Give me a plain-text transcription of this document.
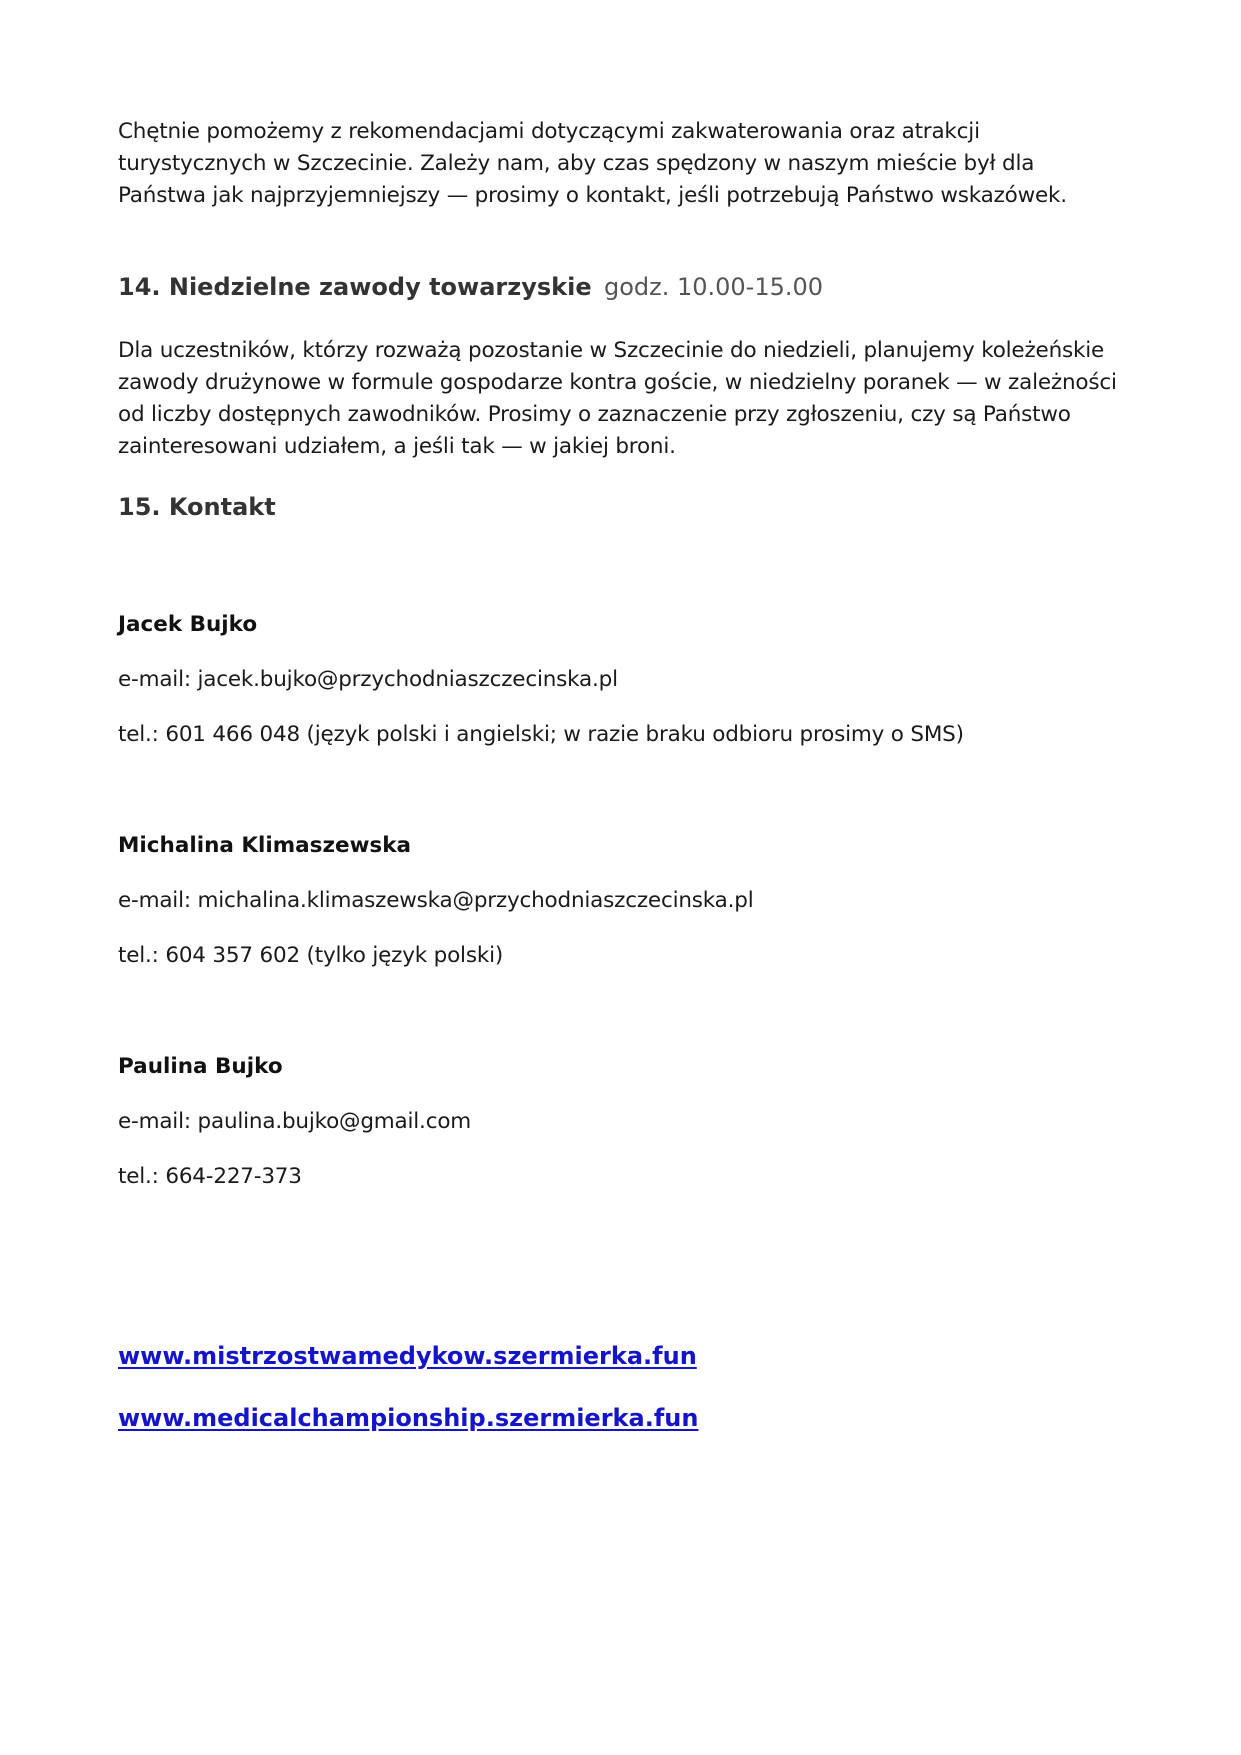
Chętnie pomożemy z rekomendacjami dotyczącymi zakwaterowania oraz atrakcji turystycznych w Szczecinie. Zależy nam, aby czas spędzony w naszym mieście był dla Państwa jak najprzyjemniejszy — prosimy o kontakt, jeśli potrzebują Państwo wskazówek.

14. Niedzielne zawody towarzyskie godz. 10.00-15.00

Dla uczestników, którzy rozważą pozostanie w Szczecinie do niedzieli, planujemy koleżeńskie zawody drużynowe w formule gospodarze kontra goście, w niedzielny poranek — w zależności od liczby dostępnych zawodników. Prosimy o zaznaczenie przy zgłoszeniu, czy są Państwo zainteresowani udziałem, a jeśli tak — w jakiej broni.

15. Kontakt

Jacek Bujko

e-mail: jacek.bujko@przychodniaszczecinska.pl

tel.: 601 466 048 (język polski i angielski; w razie braku odbioru prosimy o SMS)

Michalina Klimaszewska

e-mail: michalina.klimaszewska@przychodniaszczecinska.pl

tel.: 604 357 602 (tylko język polski)

Paulina Bujko

e-mail: paulina.bujko@gmail.com

tel.: 664-227-373

www.mistrzostwamedykow.szermierka.fun
www.medicalchampionship.szermierka.fun
